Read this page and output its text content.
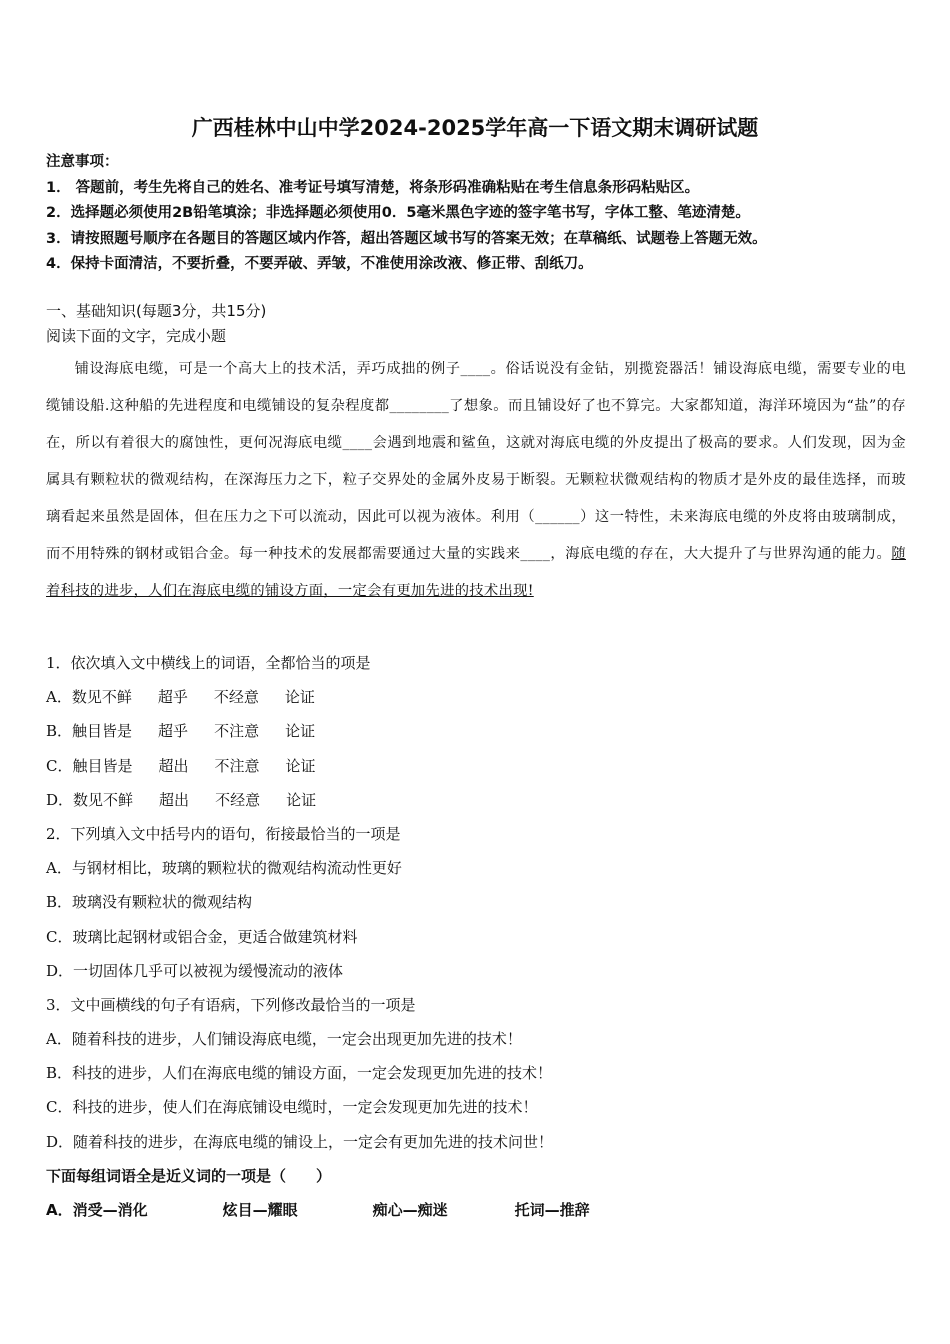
广西桂林中山中学2024-2025学年高一下语文期末调研试题
注意事项：
1． 答题前，考生先将自己的姓名、准考证号填写清楚，将条形码准确粘贴在考生信息条形码粘贴区。
2．选择题必须使用2B铅笔填涂；非选择题必须使用0．5毫米黑色字迹的签字笔书写，字体工整、笔迹清楚。
3．请按照题号顺序在各题目的答题区域内作答，超出答题区域书写的答案无效；在草稿纸、试题卷上答题无效。
4．保持卡面清洁，不要折叠，不要弄破、弄皱，不准使用涂改液、修正带、刮纸刀。
一、基础知识(每题3分，共15分)
阅读下面的文字，完成小题
铺设海底电缆，可是一个高大上的技术活，弄巧成拙的例子____。俗话说没有金钻，别揽瓷器活！铺设海底电缆，需要专业的电缆铺设船.这种船的先进程度和电缆铺设的复杂程度都________了想象。而且铺设好了也不算完。大家都知道，海洋环境因为“盐”的存在，所以有着很大的腐蚀性，更何况海底电缆____会遇到地震和鲨鱼，这就对海底电缆的外皮提出了极高的要求。人们发现，因为金属具有颗粒状的微观结构，在深海压力之下，粒子交界处的金属外皮易于断裂。无颗粒状微观结构的物质才是外皮的最佳选择，而玻璃看起来虽然是固体，但在压力之下可以流动，因此可以视为液体。利用（______）这一特性，未来海底电缆的外皮将由玻璃制成，而不用特殊的钢材或铝合金。每一种技术的发展都需要通过大量的实践来____，海底电缆的存在，大大提升了与世界沟通的能力。随着科技的进步，人们在海底电缆的铺设方面，一定会有更加先进的技术出现!
1．依次填入文中横线上的词语，全都恰当的项是
A．数见不鲜 超乎 不经意 论证
B．触目皆是 超乎 不注意 论证
C．触目皆是 超出 不注意 论证
D．数见不鲜 超出 不经意 论证
2．下列填入文中括号内的语句，衔接最恰当的一项是
A．与钢材相比，玻璃的颗粒状的微观结构流动性更好
B．玻璃没有颗粒状的微观结构
C．玻璃比起钢材或铝合金，更适合做建筑材料
D．一切固体几乎可以被视为缓慢流动的液体
3．文中画横线的句子有语病，下列修改最恰当的一项是
A．随着科技的进步，人们铺设海底电缆，一定会出现更加先进的技术！
B．科技的进步，人们在海底电缆的铺设方面，一定会发现更加先进的技术！
C．科技的进步，使人们在海底铺设电缆时，一定会发现更加先进的技术！
D．随着科技的进步，在海底电缆的铺设上，一定会有更加先进的技术问世！
下面每组词语全是近义词的一项是（　　）
A．消受—消化	炫目—耀眼	痴心—痴迷	托词—推辞
